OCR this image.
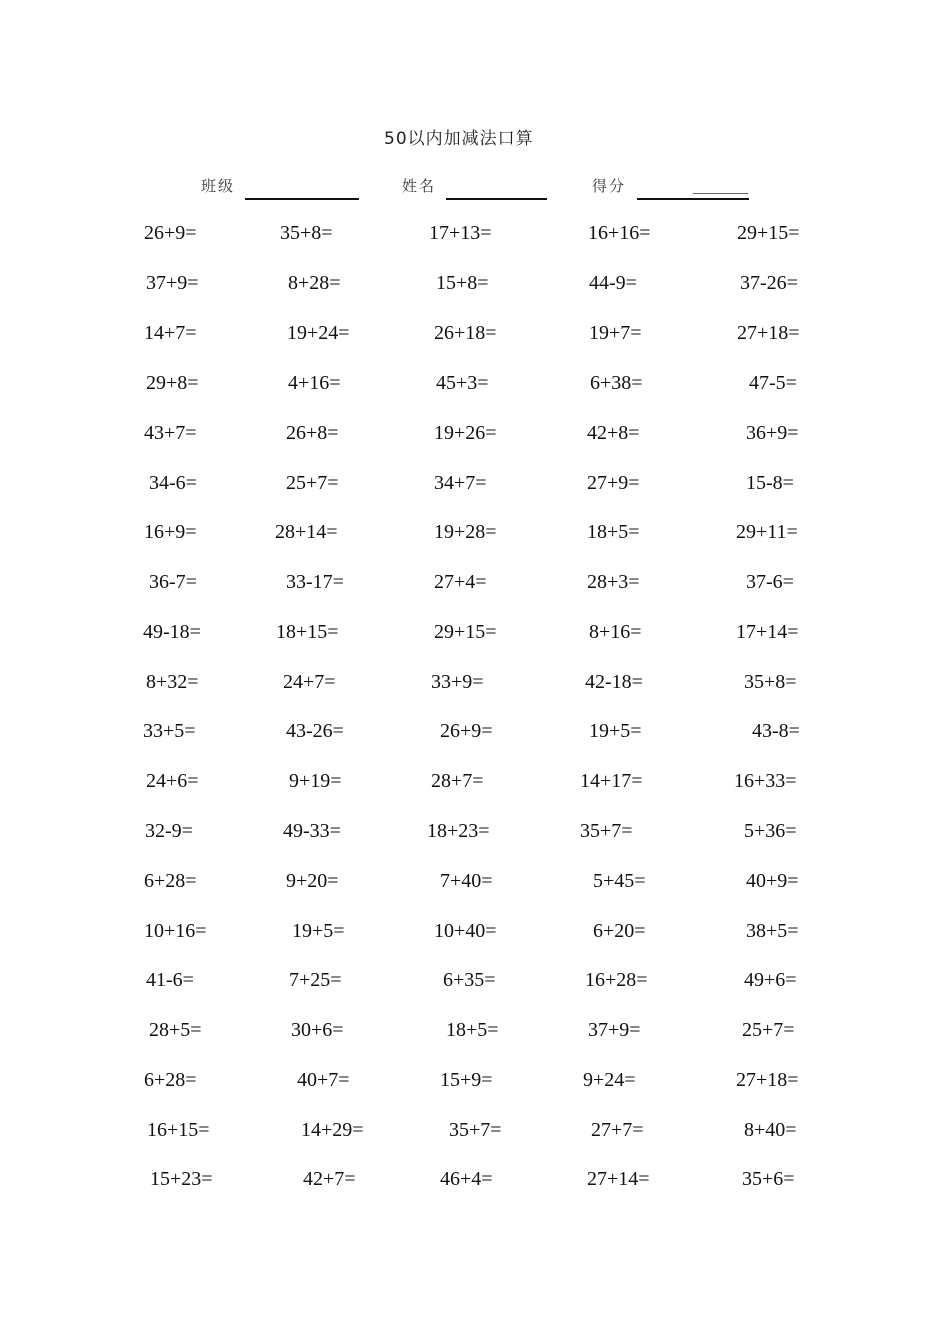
50以内加减法口算
班级	姓名	得分
26+9=	35+8=	17+13=	16+16=	29+15=
37+9=	8+28=	15+8=	44-9=	37-26=
14+7=	19+24=	26+18=	19+7=	27+18=
29+8=	4+16=	45+3=	6+38=	47-5=
43+7=	26+8=	19+26=	42+8=	36+9=
34-6=	25+7=	34+7=	27+9=	15-8=
16+9=	28+14=	19+28=	18+5=	29+11=
36-7=	33-17=	27+4=	28+3=	37-6=
49-18=	18+15=	29+15=	8+16=	17+14=
8+32=	24+7=	33+9=	42-18=	35+8=
33+5=	43-26=	26+9=	19+5=	43-8=
24+6=	9+19=	28+7=	14+17=	16+33=
32-9=	49-33=	18+23=	35+7=	5+36=
6+28=	9+20=	7+40=	5+45=	40+9=
10+16=	19+5=	10+40=	6+20=	38+5=
41-6=	7+25=	6+35=	16+28=	49+6=
28+5=	30+6=	18+5=	37+9=	25+7=
6+28=	40+7=	15+9=	9+24=	27+18=
16+15=	14+29=	35+7=	27+7=	8+40=
15+23=	42+7=	46+4=	27+14=	35+6=
